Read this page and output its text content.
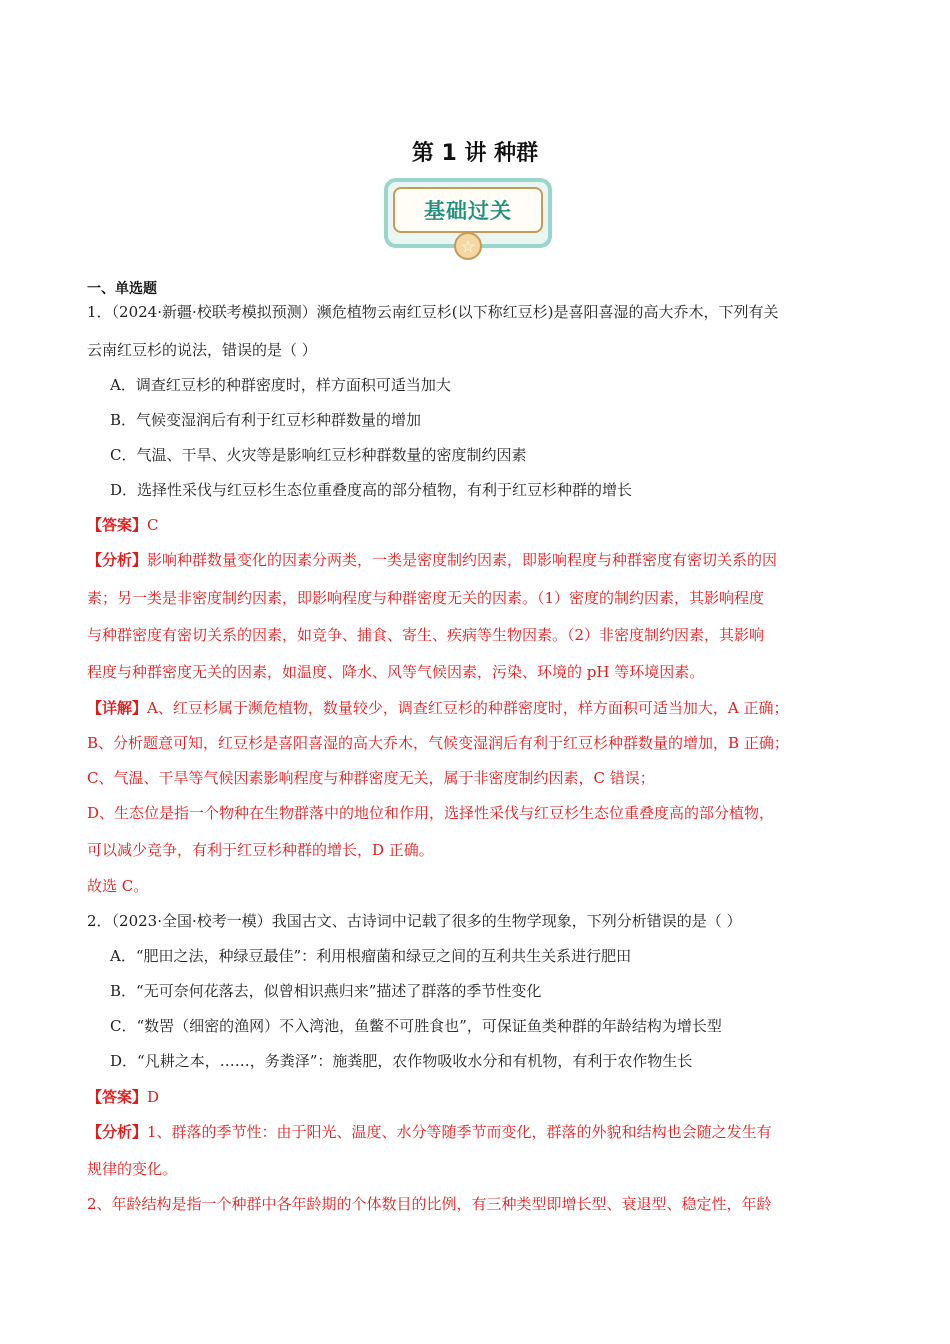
第 1 讲 种群
基础过关
☆
一、单选题
1．（2024·新疆·校联考模拟预测）濒危植物云南红豆杉(以下称红豆杉)是喜阳喜湿的高大乔木，下列有关
云南红豆杉的说法，错误的是（ ）
A．调查红豆杉的种群密度时，样方面积可适当加大
B．气候变湿润后有利于红豆杉种群数量的增加
C．气温、干旱、火灾等是影响红豆杉种群数量的密度制约因素
D．选择性采伐与红豆杉生态位重叠度高的部分植物，有利于红豆杉种群的增长
【答案】C
【分析】影响种群数量变化的因素分两类，一类是密度制约因素，即影响程度与种群密度有密切关系的因
素；另一类是非密度制约因素，即影响程度与种群密度无关的因素。（1）密度的制约因素，其影响程度
与种群密度有密切关系的因素，如竞争、捕食、寄生、疾病等生物因素。（2）非密度制约因素，其影响
程度与种群密度无关的因素，如温度、降水、风等气候因素，污染、环境的 pH 等环境因素。
【详解】A、红豆杉属于濒危植物，数量较少，调查红豆杉的种群密度时，样方面积可适当加大，A 正确；
B、分析题意可知，红豆杉是喜阳喜湿的高大乔木，气候变湿润后有利于红豆杉种群数量的增加，B 正确；
C、气温、干旱等气候因素影响程度与种群密度无关，属于非密度制约因素，C 错误；
D、生态位是指一个物种在生物群落中的地位和作用，选择性采伐与红豆杉生态位重叠度高的部分植物，
可以减少竞争，有利于红豆杉种群的增长，D 正确。
故选 C。
2．（2023·全国·校考一模）我国古文、古诗词中记载了很多的生物学现象，下列分析错误的是（ ）
A．“肥田之法，种绿豆最佳”：利用根瘤菌和绿豆之间的互利共生关系进行肥田
B．“无可奈何花落去，似曾相识燕归来”描述了群落的季节性变化
C．“数罟（细密的渔网）不入湾池，鱼鳖不可胜食也”，可保证鱼类种群的年龄结构为增长型
D．“凡耕之本，……，务粪泽”：施粪肥，农作物吸收水分和有机物，有利于农作物生长
【答案】D
【分析】1、群落的季节性：由于阳光、温度、水分等随季节而变化，群落的外貌和结构也会随之发生有
规律的变化。
2、年龄结构是指一个种群中各年龄期的个体数目的比例，有三种类型即增长型、衰退型、稳定性，年龄
